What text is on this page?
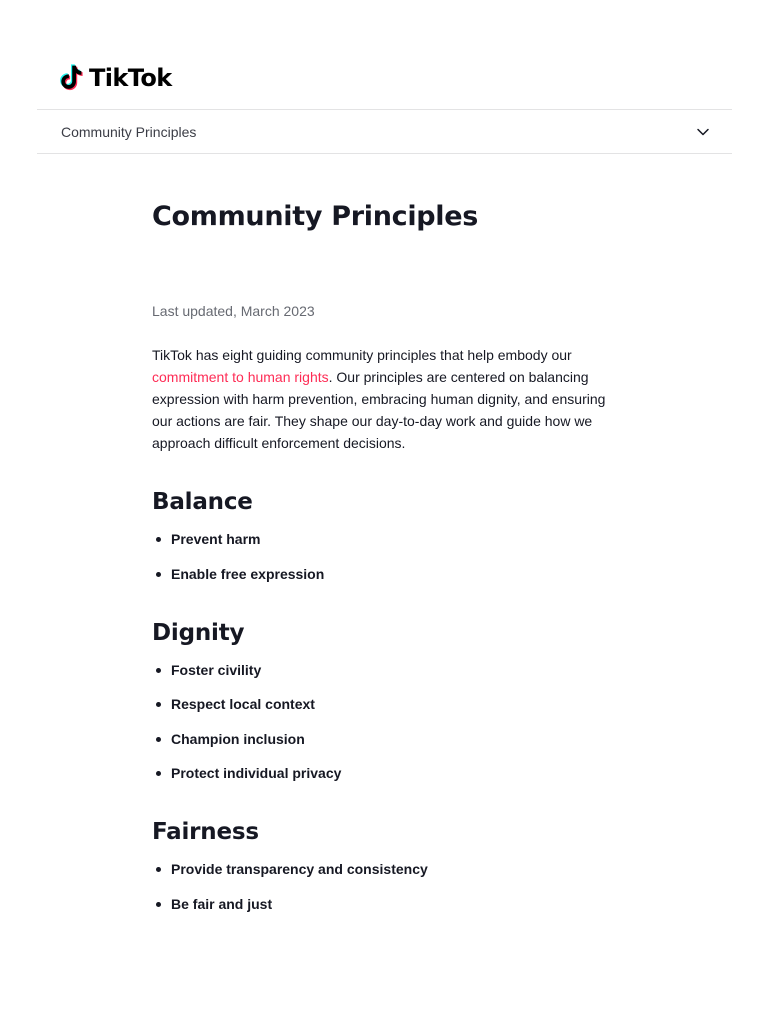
TikTok
Community Principles
Community Principles

Last updated, March 2023

TikTok has eight guiding community principles that help embody our commitment to human rights. Our principles are centered on balancing expression with harm prevention, embracing human dignity, and ensuring our actions are fair. They shape our day-to-day work and guide how we approach difficult enforcement decisions.

Balance
Prevent harm
Enable free expression
Dignity
Foster civility
Respect local context
Champion inclusion
Protect individual privacy
Fairness
Provide transparency and consistency
Be fair and just
